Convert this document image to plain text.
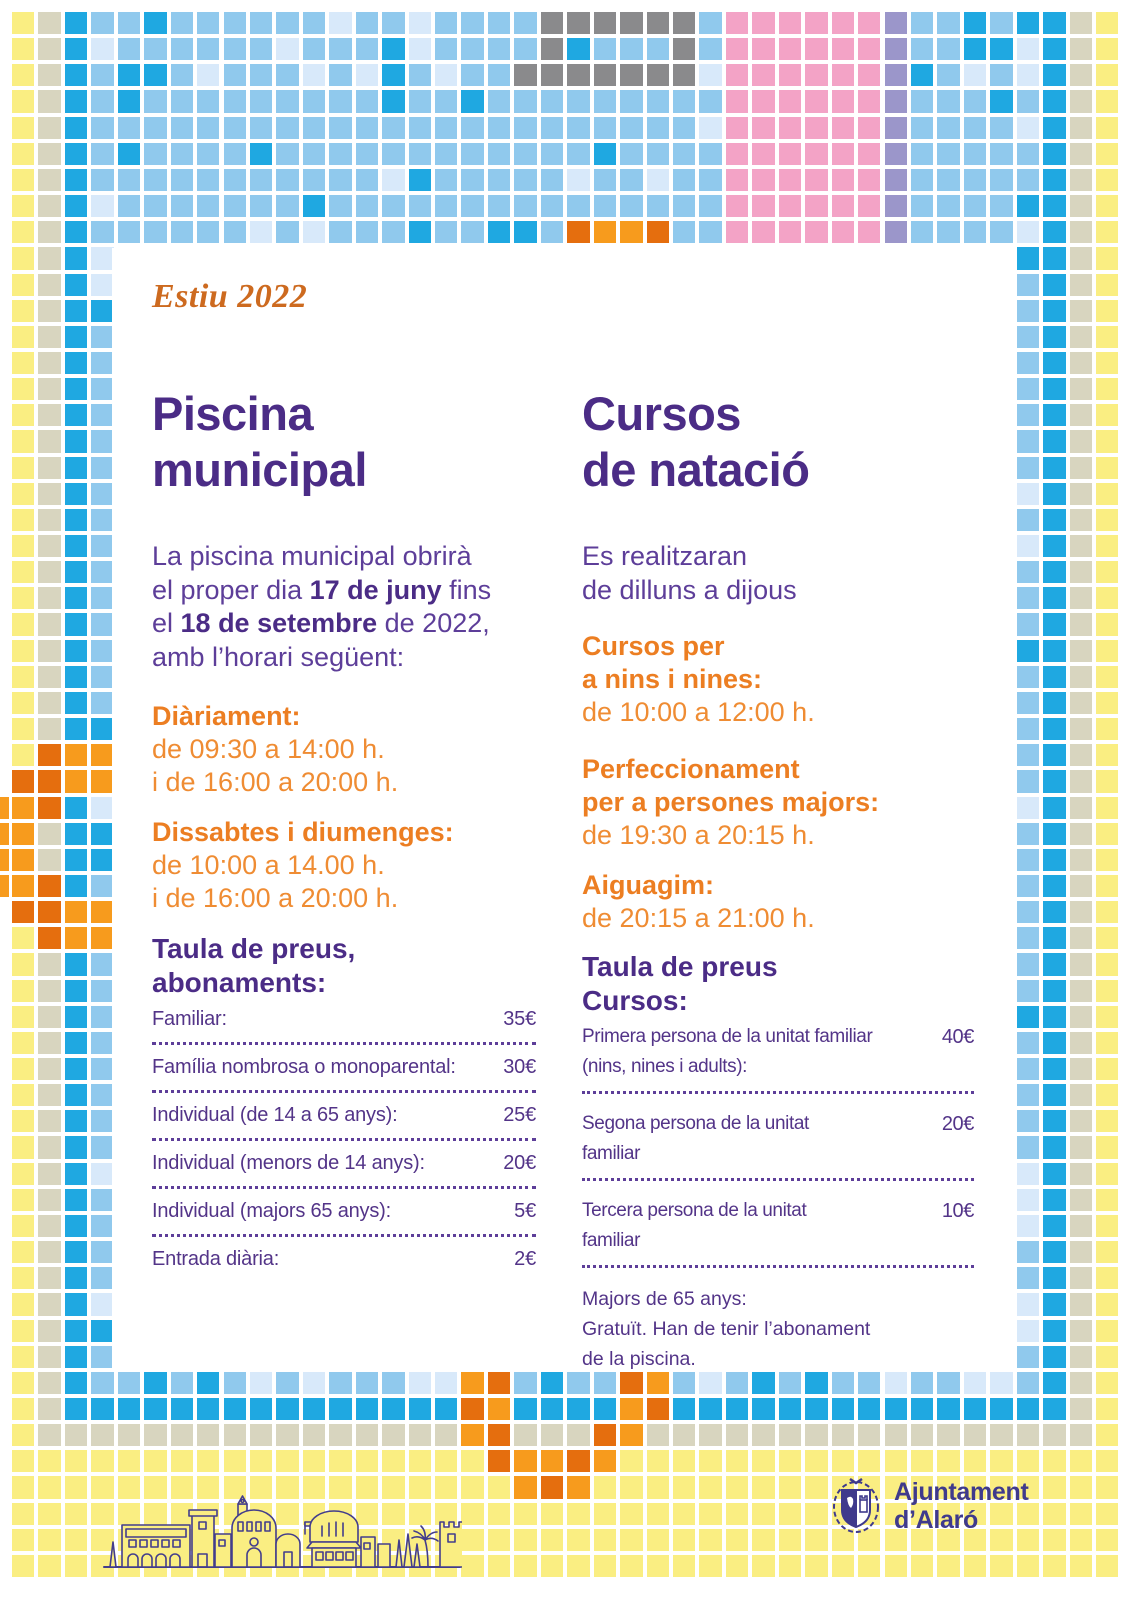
Estiu 2022
Piscina
municipal
La piscina municipal obrirà
el proper dia 17 de juny fins
el 18 de setembre de 2022,
amb l’horari següent:
Diàriament:
de 09:30 a 14:00 h.
i de 16:00 a 20:00 h.
Dissabtes i diumenges:
de 10:00 a 14.00 h.
i de 16:00 a 20:00 h.
Taula de preus,
abonaments:
Familiar:	35€
Família nombrosa o monoparental: 30€
Individual (de 14 a 65 anys):	25€
Individual (menors de 14 anys):	20€
Individual (majors 65 anys):	5€
Entrada diària:	2€
Cursos
de natació
Es realitzaran
de dilluns a dijous
Cursos per
a nins i nines:
de 10:00 a 12:00 h.
Perfeccionament
per a persones majors:
de 19:30 a 20:15 h.
Aiguagim:
de 20:15 a 21:00 h.
Taula de preus
Cursos:
Primera persona de la unitat familiar
(nins, nines i adults):
40€
Segona persona de la unitat
familiar
20€
Tercera persona de la unitat
familiar
10€
Majors de 65 anys:
Gratuït. Han de tenir l’abonament
de la piscina.
Ajuntament
d’Alaró
